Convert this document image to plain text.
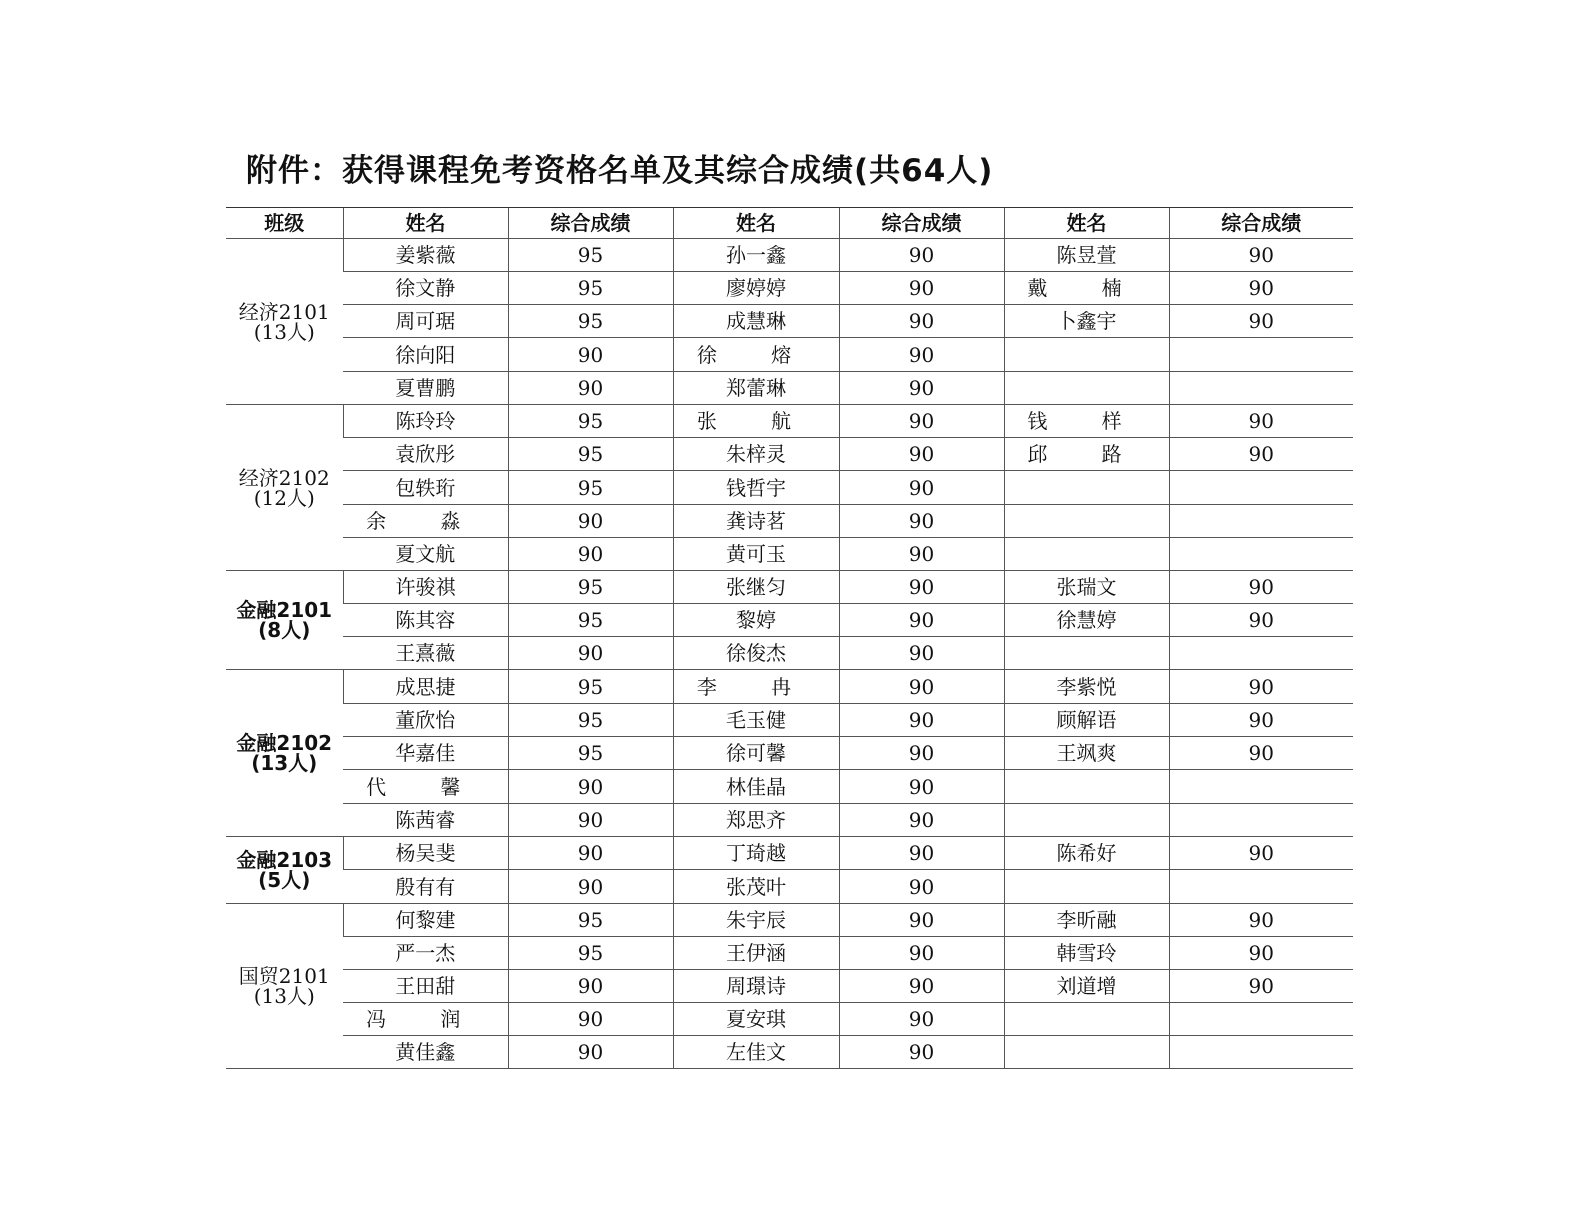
附件：获得课程免考资格名单及其综合成绩(共64人)
班级	姓名	综合成绩	姓名	综合成绩	姓名	综合成绩

经济2101
(13人)	姜紫薇	95	孙一鑫	90	陈昱萱	90
	徐文静	95	廖婷婷	90	戴 楠	90
	周可琚	95	成慧琳	90	卜鑫宇	90
	徐向阳	90	徐 熔	90		
	夏曹鹏	90	郑蕾琳	90		

经济2102
(12人)	陈玲玲	95	张 航	90	钱 样	90
	袁欣彤	95	朱梓灵	90	邱 路	90
	包轶珩	95	钱哲宇	90		
	余 淼	90	龚诗茗	90		
	夏文航	90	黄可玉	90		

金融2101
(8人)	许骏祺	95	张继匀	90	张瑞文	90
	陈其容	95	黎婷	90	徐慧婷	90
	王熹薇	90	徐俊杰	90		

金融2102
(13人)	成思捷	95	李 冉	90	李紫悦	90
	董欣怡	95	毛玉健	90	顾解语	90
	华嘉佳	95	徐可馨	90	王飒爽	90
	代 馨	90	林佳晶	90		
	陈茜睿	90	郑思齐	90		

金融2103
(5人)	杨吴斐	90	丁琦越	90	陈希好	90
	殷有有	90	张茂叶	90		

国贸2101
(13人)	何黎建	95	朱宇辰	90	李昕融	90
	严一杰	95	王伊涵	90	韩雪玲	90
	王田甜	90	周璟诗	90	刘道增	90
	冯 润	90	夏安琪	90		
	黄佳鑫	90	左佳文	90		
